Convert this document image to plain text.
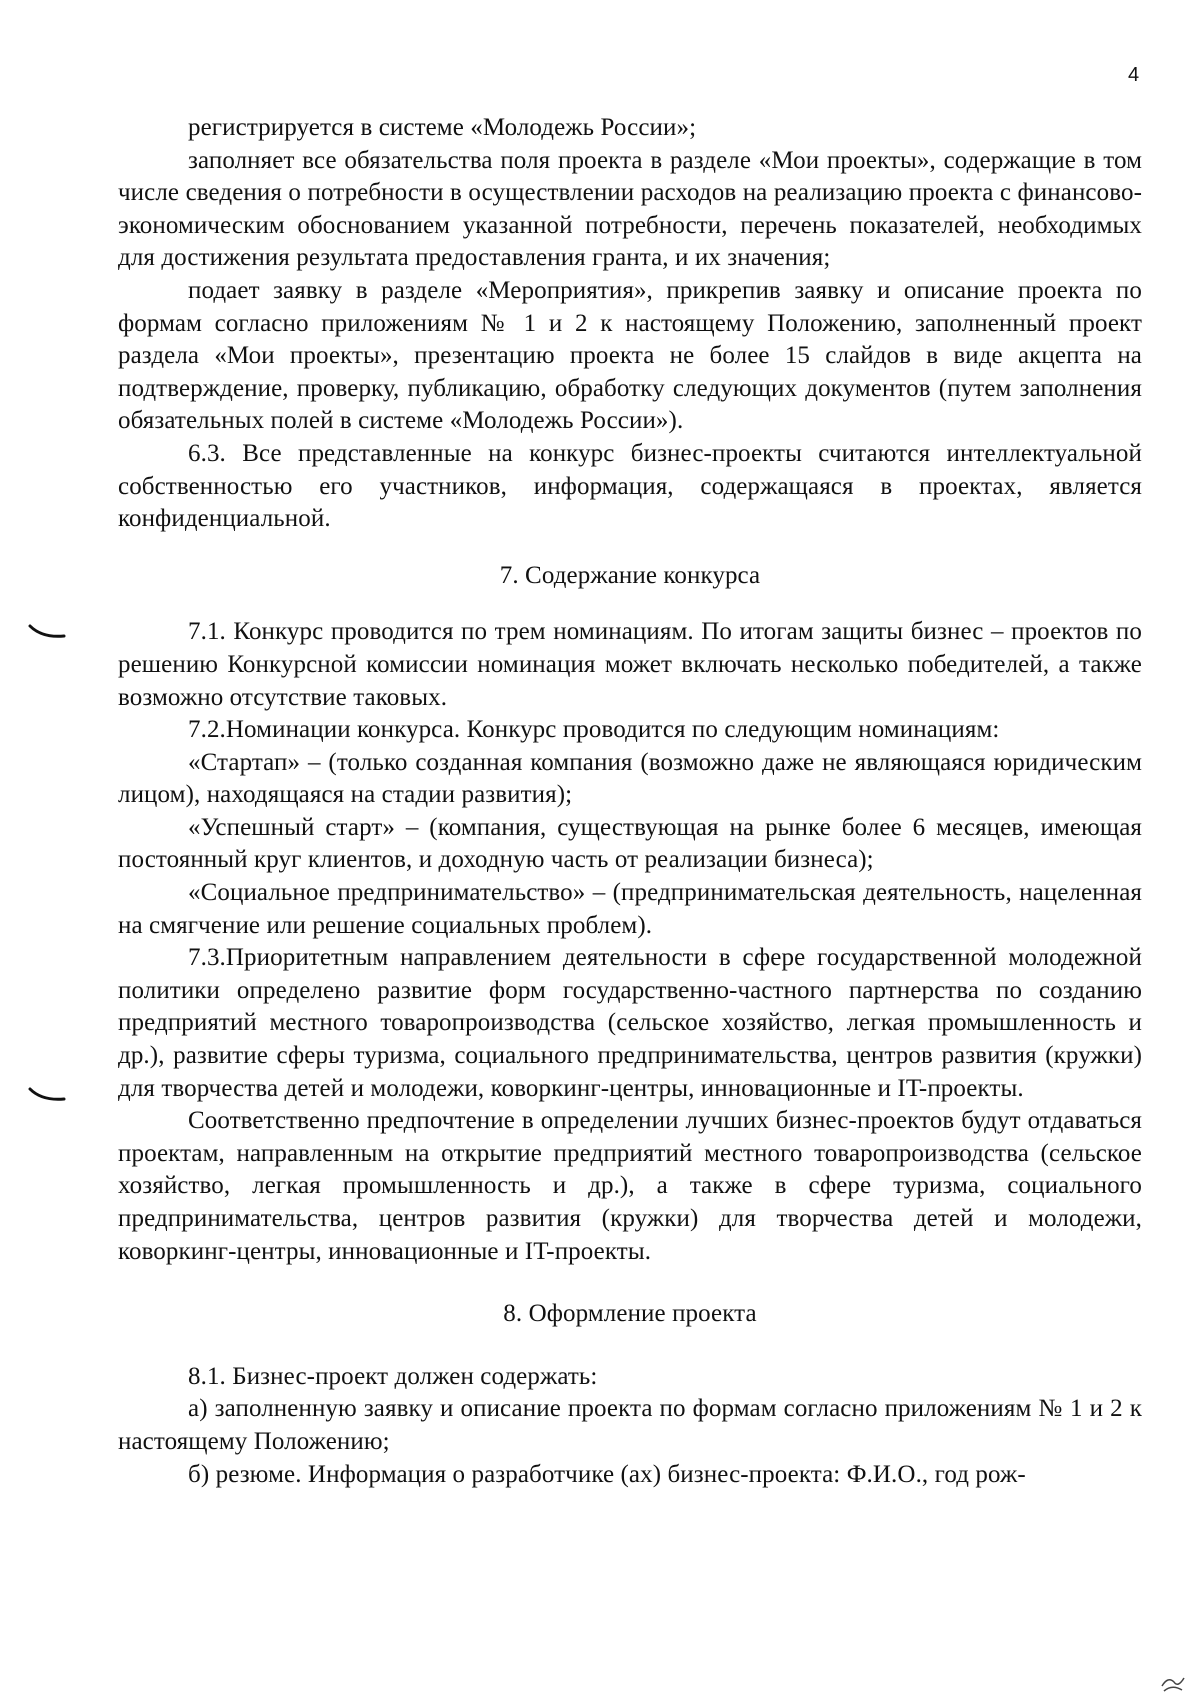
4

регистрируется в системе «Молодежь России»;

заполняет все обязательства поля проекта в разделе «Мои проекты», содержащие в том числе сведения о потребности в осуществлении расходов на реализацию проекта с финансово-экономическим обоснованием указанной потребности, перечень показателей, необходимых для достижения результата предоставления гранта, и их значения;

подает заявку в разделе «Мероприятия», прикрепив заявку и описание проекта по формам согласно приложениям № 1 и 2 к настоящему Положению, заполненный проект раздела «Мои проекты», презентацию проекта не более 15 слайдов в виде акцепта на подтверждение, проверку, публикацию, обработку следующих документов (путем заполнения обязательных полей в системе «Молодежь России»).

6.3. Все представленные на конкурс бизнес-проекты считаются интеллектуальной собственностью его участников, информация, содержащаяся в проектах, является конфиденциальной.

7. Содержание конкурса

7.1. Конкурс проводится по трем номинациям. По итогам защиты бизнес – проектов по решению Конкурсной комиссии номинация может включать несколько победителей, а также возможно отсутствие таковых.

7.2.Номинации конкурса. Конкурс проводится по следующим номинациям:

«Стартап» – (только созданная компания (возможно даже не являющаяся юридическим лицом), находящаяся на стадии развития);

«Успешный старт» – (компания, существующая на рынке более 6 месяцев, имеющая постоянный круг клиентов, и доходную часть от реализации бизнеса);

«Социальное предпринимательство» – (предпринимательская деятельность, нацеленная на смягчение или решение социальных проблем).

7.3.Приоритетным направлением деятельности в сфере государственной молодежной политики определено развитие форм государственно-частного партнерства по созданию предприятий местного товаропроизводства (сельское хозяйство, легкая промышленность и др.), развитие сферы туризма, социального предпринимательства, центров развития (кружки) для творчества детей и молодежи, коворкинг-центры, инновационные и IT-проекты.

Соответственно предпочтение в определении лучших бизнес-проектов будут отдаваться проектам, направленным на открытие предприятий местного товаропроизводства (сельское хозяйство, легкая промышленность и др.), а также в сфере туризма, социального предпринимательства, центров развития (кружки) для творчества детей и молодежи, коворкинг-центры, инновационные и IT-проекты.

8. Оформление проекта

8.1. Бизнес-проект должен содержать:

а) заполненную заявку и описание проекта по формам согласно приложениям № 1 и 2 к настоящему Положению;

б) резюме. Информация о разработчике (ах) бизнес-проекта: Ф.И.О., год рож-
